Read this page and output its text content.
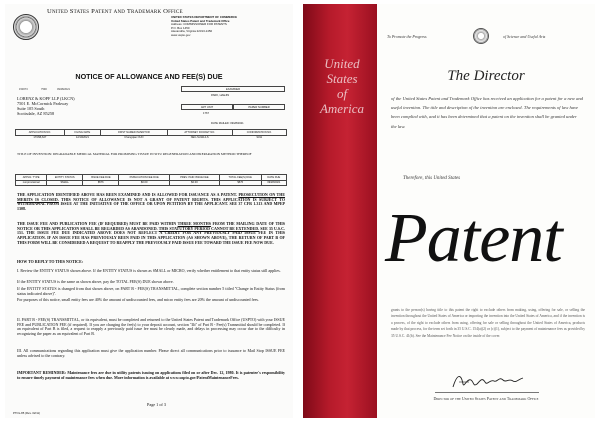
United States Patent and Trademark Office
UNITED STATES DEPARTMENT OF COMMERCE
United States Patent and Trademark Office
Address: COMMISSIONER FOR PATENTS
P.O. Box 1450
Alexandria, Virginia 22313-1450
www.uspto.gov
NOTICE OF ALLOWANCE AND FEE(S) DUE
153073	7590	09/28/2021
LORENZ & KOPF LLP (LKCN)
7501 E. McCormick Parkway
Suite 105 South
Scottsdale, AZ 85258
EXAMINER
PARK, HAEJIN
ART UNIT	PAPER NUMBER
1767
DATE MAILED: 09/28/2021
APPLICATION NO.	FILING DATE	FIRST NAMED INVENTOR	ATTORNEY DOCKET NO.	CONFIRMATION NO.
17/396,627	12/19/2021	Changqiao OUO	NEC-SU1114-S	9311
TITLE OF INVENTION: DEGRADABLE MEDICAL MATERIAL FOR PROMISING TISSUE IN SITU REGENERATION AND PREPARATION METHOD THEREOF
APPLN. TYPE	ENTITY STATUS	ISSUE FEE DUE	PUBLICATION FEE DUE	PREV. PAID ISSUE FEE	TOTAL FEE(S) DUE	DATE DUE
nonprovisional	SMALL	$576	$0.00	$0.00	$576	09/28/2021
THE APPLICATION IDENTIFIED ABOVE HAS BEEN EXAMINED AND IS ALLOWED FOR ISSUANCE AS A PATENT. PROSECUTION ON THE MERITS IS CLOSED. THIS NOTICE OF ALLOWANCE IS NOT A GRANT OF PATENT RIGHTS. THIS APPLICATION IS SUBJECT TO WITHDRAWAL FROM ISSUE AT THE INITIATIVE OF THE OFFICE OR UPON PETITION BY THE APPLICANT. SEE 37 CFR 1.313 AND MPEP 1308.
THE ISSUE FEE AND PUBLICATION FEE (IF REQUIRED) MUST BE PAID WITHIN THREE MONTHS FROM THE MAILING DATE OF THIS NOTICE OR THIS APPLICATION SHALL BE REGARDED AS ABANDONED. THIS STATUTORY PERIOD CANNOT BE EXTENDED. SEE 35 U.S.C. 151. THE ISSUE FEE DUE INDICATED ABOVE DOES NOT REFLECT A CREDIT FOR ANY PREVIOUSLY PAID ISSUE FEE IN THIS APPLICATION. IF AN ISSUE FEE HAS PREVIOUSLY BEEN PAID IN THIS APPLICATION (AS SHOWN ABOVE), THE RETURN OF PART B OF THIS FORM WILL BE CONSIDERED A REQUEST TO REAPPLY THE PREVIOUSLY PAID ISSUE FEE TOWARD THE ISSUE FEE NOW DUE.
HOW TO REPLY TO THIS NOTICE:
I. Review the ENTITY STATUS shown above. If the ENTITY STATUS is shown as SMALL or MICRO, verify whether entitlement to that entity status still applies.
If the ENTITY STATUS is the same as shown above, pay the TOTAL FEE(S) DUE shown above.
If the ENTITY STATUS is changed from that shown above, on PART B - FEE(S) TRANSMITTAL, complete section number 5 titled "Change in Entity Status (from status indicated above)".
For purposes of this notice, small entity fees are 40% the amount of undiscounted fees, and micro entity fees are 20% the amount of undiscounted fees.
II. PART B - FEE(S) TRANSMITTAL, or its equivalent, must be completed and returned to the United States Patent and Trademark Office (USPTO) with your ISSUE FEE and PUBLICATION FEE (if required). If you are charging the fee(s) to your deposit account, section "4b" of Part B - Fee(s) Transmittal should be completed. If an equivalent of Part B is filed, a request to reapply a previously paid issue fee must be clearly made, and delays in processing may occur due to the difficulty in recognizing the paper as an equivalent of Part B.
III. All communications regarding this application must give the application number. Please direct all communications prior to issuance to Mail Stop ISSUE FEE unless advised to the contrary.
IMPORTANT REMINDER: Maintenance fees are due in utility patents issuing on applications filed on or after Dec. 12, 1980. It is patentee's responsibility to ensure timely payment of maintenance fees when due. More information is available at www.uspto.gov/PatentMaintenanceFees.
Page 1 of 3
PTOL-85 (Rev. 02/11)
United
States
of
America
To Promote the Progress	of Science and Useful Arts
The Director
of the United States Patent and Trademark Office has received an application for a patent for a new and useful invention. The title and description of the invention are enclosed. The requirements of law have been complied with, and it has been determined that a patent on the invention shall be granted under the law.
Therefore, this United States
Patent
grants to the person(s) having title to this patent the right to exclude others from making, using, offering for sale, or selling the invention throughout the United States of America or importing the invention into the United States of America, and if the invention is a process, of the right to exclude others from using, offering for sale or selling throughout the United States of America, products made by that process, for the term set forth in 35 U.S.C. 154(a)(2) or (c)(1), subject to the payment of maintenance fees as provided by 35 U.S.C. 41(b). See the Maintenance Fee Notice on the inside of the cover.
Director of the United States Patent and Trademark Office
